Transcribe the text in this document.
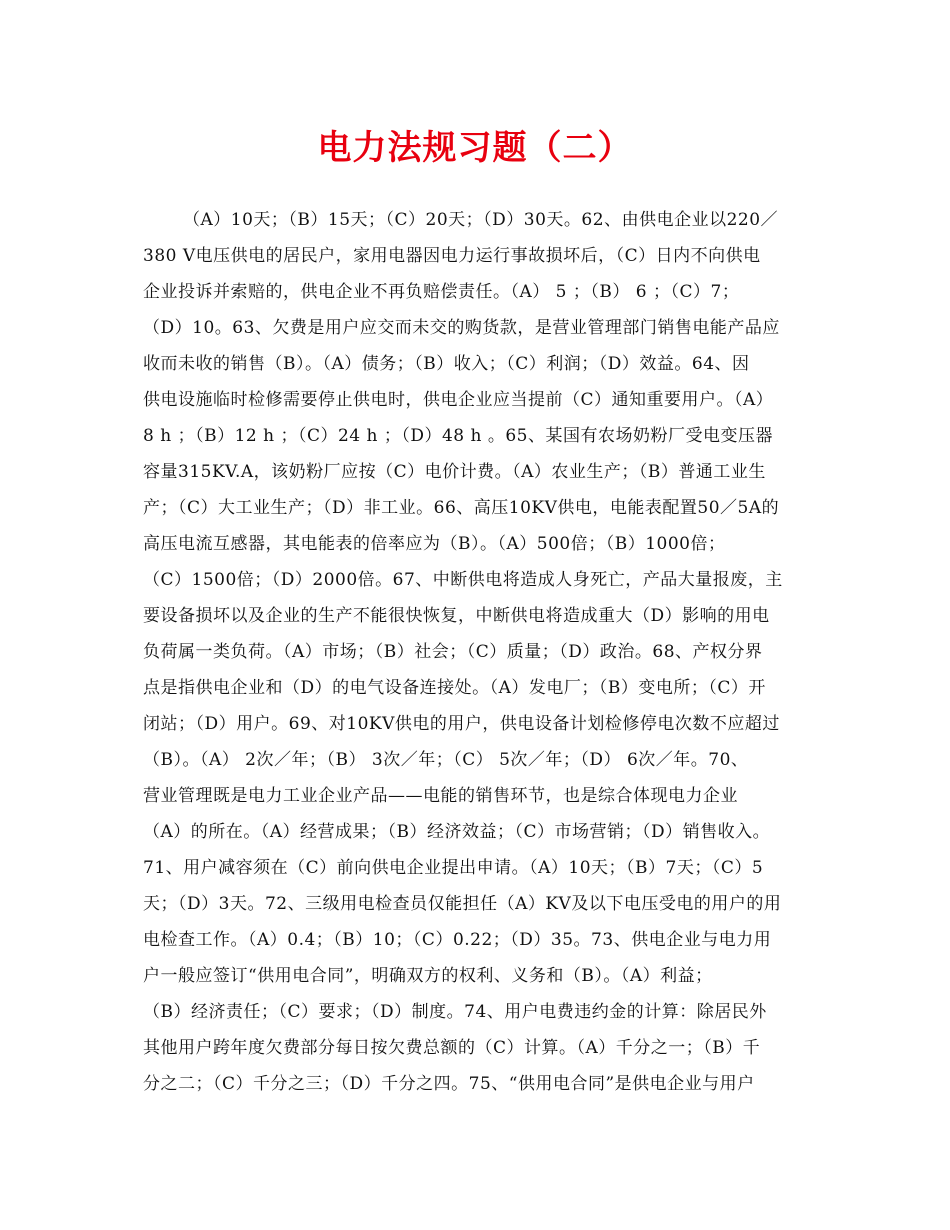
电力法规习题（二）
（A）10天；（B）15天；（C）20天；（D）30天。62、由供电企业以220／
380 V电压供电的居民户，家用电器因电力运行事故损坏后，（C）日内不向供电
企业投诉并索赔的，供电企业不再负赔偿责任。（A） 5 ；（B） 6 ；（C）7；
（D）10。63、欠费是用户应交而未交的购货款，是营业管理部门销售电能产品应
收而未收的销售（B）。（A）债务；（B）收入；（C）利润；（D）效益。64、因
供电设施临时检修需要停止供电时，供电企业应当提前（C）通知重要用户。（A）
8 h ；（B）12 h ；（C）24 h ；（D）48 h 。65、某国有农场奶粉厂受电变压器
容量315KV.A，该奶粉厂应按（C）电价计费。（A）农业生产；（B）普通工业生
产；（C）大工业生产；（D）非工业。66、高压10KV供电，电能表配置50／5A的
高压电流互感器，其电能表的倍率应为（B）。（A）500倍；（B）1000倍；
（C）1500倍；（D）2000倍。67、中断供电将造成人身死亡，产品大量报废，主
要设备损坏以及企业的生产不能很快恢复，中断供电将造成重大（D）影响的用电
负荷属一类负荷。（A）市场；（B）社会；（C）质量；（D）政治。68、产权分界
点是指供电企业和（D）的电气设备连接处。（A）发电厂；（B）变电所；（C）开
闭站；（D）用户。69、对10KV供电的用户，供电设备计划检修停电次数不应超过
（B）。（A） 2次／年；（B） 3次／年；（C） 5次／年；（D） 6次／年。70、
营业管理既是电力工业企业产品——电能的销售环节，也是综合体现电力企业
（A）的所在。（A）经营成果；（B）经济效益；（C）市场营销；（D）销售收入。
71、用户减容须在（C）前向供电企业提出申请。（A）10天；（B）7天；（C）5
天；（D）3天。72、三级用电检查员仅能担任（A）KV及以下电压受电的用户的用
电检查工作。（A）0.4；（B）10；（C）0.22；（D）35。73、供电企业与电力用
户一般应签订“供用电合同”，明确双方的权利、义务和（B）。（A）利益；
（B）经济责任；（C）要求；（D）制度。74、用户电费违约金的计算：除居民外
其他用户跨年度欠费部分每日按欠费总额的（C）计算。（A）千分之一；（B）千
分之二；（C）千分之三；（D）千分之四。75、“供用电合同”是供电企业与用户
